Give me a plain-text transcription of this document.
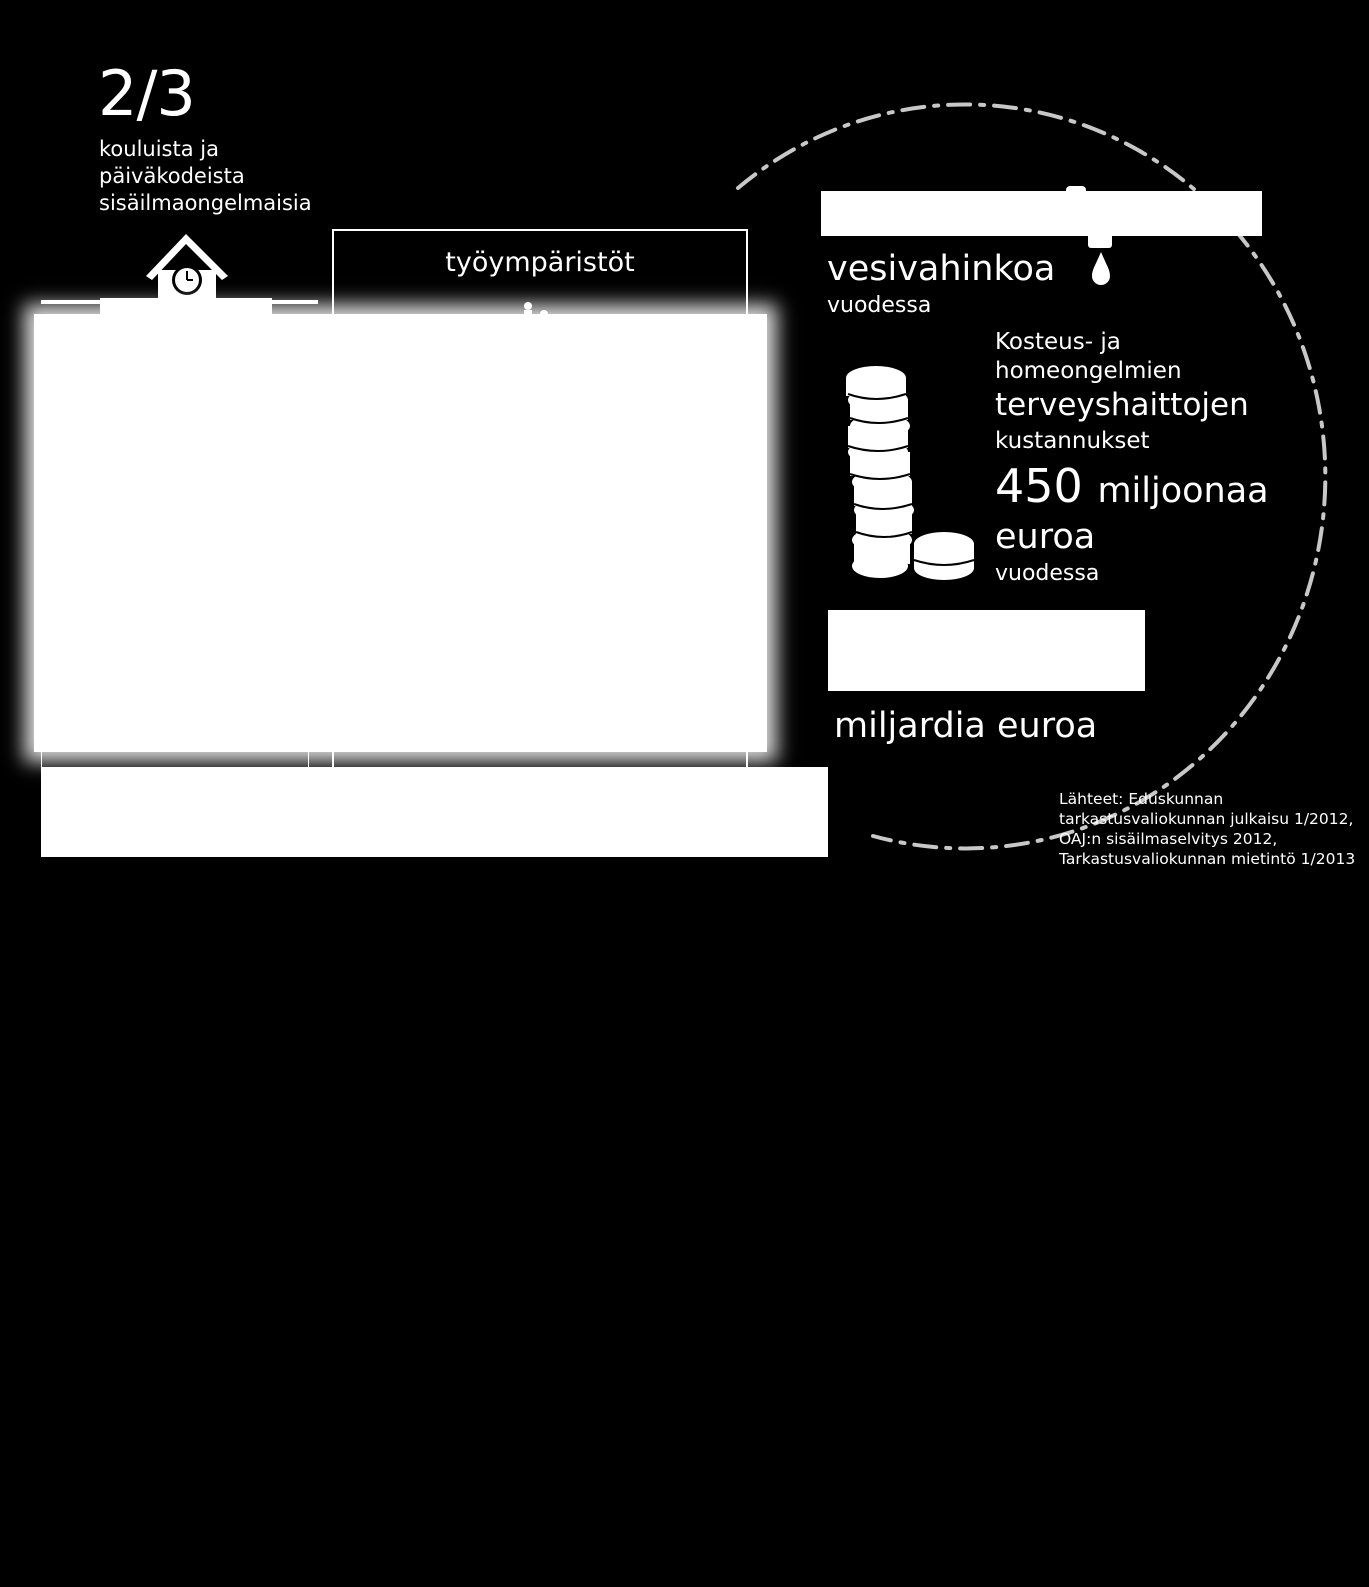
2/3
kouluista ja päiväkodeista sisäilmaongelmaisia
työympäristöt	vesivahinkoa
vuodessa
Kosteus- ja homeongelmien
terveyshaittojen
kustannukset
450 miljoonaa
euroa
vuodessa
miljardia euroa
Lähteet: Eduskunnan tarkastusvaliokunnan julkaisu 1/2012, OAJ:n sisäilmaselvitys 2012, Tarkastusvaliokunnan mietintö 1/2013
